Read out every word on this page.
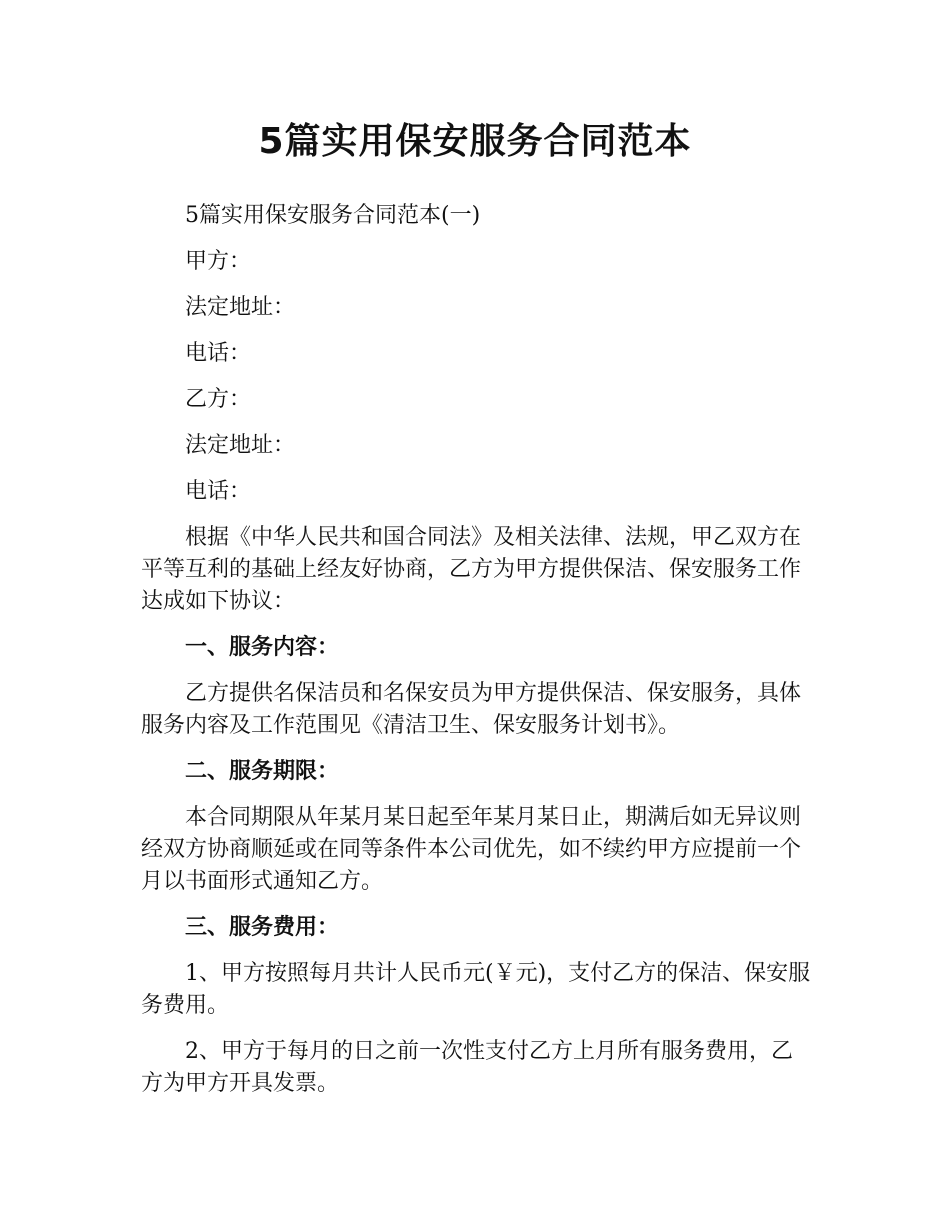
5篇实用保安服务合同范本

5篇实用保安服务合同范本(一)

甲方：

法定地址：

电话：

乙方：

法定地址：

电话：

根据《中华人民共和国合同法》及相关法律、法规，甲乙双方在平等互利的基础上经友好协商，乙方为甲方提供保洁、保安服务工作达成如下协议：

一、服务内容：

乙方提供名保洁员和名保安员为甲方提供保洁、保安服务，具体服务内容及工作范围见《清洁卫生、保安服务计划书》。

二、服务期限：

本合同期限从年某月某日起至年某月某日止，期满后如无异议则经双方协商顺延或在同等条件本公司优先，如不续约甲方应提前一个月以书面形式通知乙方。

三、服务费用：

1、甲方按照每月共计人民币元(￥元)，支付乙方的保洁、保安服务费用。

2、甲方于每月的日之前一次性支付乙方上月所有服务费用，乙方为甲方开具发票。
